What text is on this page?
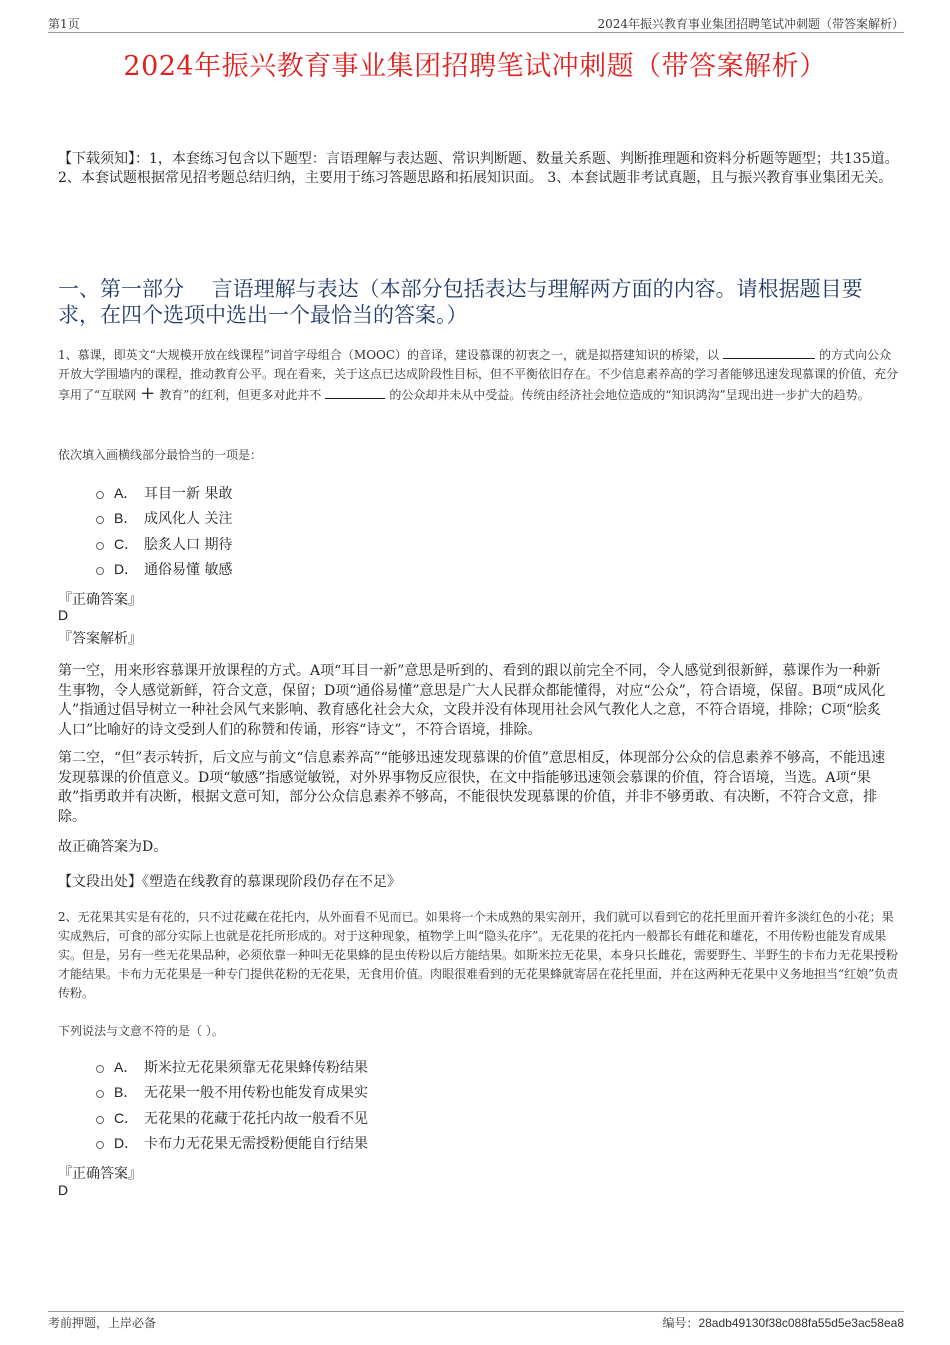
第1页	2024年振兴教育事业集团招聘笔试冲刺题（带答案解析）
2024年振兴教育事业集团招聘笔试冲刺题（带答案解析）
【下载须知】：1，本套练习包含以下题型：言语理解与表达题、常识判断题、数量关系题、判断推理题和资料分析题等题型；共135道。 2、本套试题根据常见招考题总结归纳，主要用于练习答题思路和拓展知识面。 3、本套试题非考试真题，且与振兴教育事业集团无关。
一、第一部分　 言语理解与表达（本部分包括表达与理解两方面的内容。请根据题目要求，在四个选项中选出一个最恰当的答案。）
1、慕课，即英文“大规模开放在线课程”词首字母组合（MOOC）的音译，建设慕课的初衷之一，就是拟搭建知识的桥梁，以	的方式向公众开放大学围墙内的课程，推动教育公平。现在看来，关于这点已达成阶段性目标，但不平衡依旧存在。不少信息素养高的学习者能够迅速发现慕课的价值，充分享用了“互联网 + 教育”的红利，但更多对此并不	的公众却并未从中受益。传统由经济社会地位造成的“知识鸿沟”呈现出进一步扩大的趋势。
依次填入画横线部分最恰当的一项是：
A． 耳目一新 果敢
B． 成风化人 关注
C． 脍炙人口 期待
D． 通俗易懂 敏感
『正确答案』
D
『答案解析』
第一空，用来形容慕课开放课程的方式。A项“耳目一新”意思是听到的、看到的跟以前完全不同，令人感觉到很新鲜，慕课作为一种新生事物，令人感觉新鲜，符合文意，保留；D项“通俗易懂”意思是广大人民群众都能懂得，对应“公众”，符合语境，保留。B项“成风化人”指通过倡导树立一种社会风气来影响、教育感化社会大众，文段并没有体现用社会风气教化人之意，不符合语境，排除；C项“脍炙人口”比喻好的诗文受到人们的称赞和传诵，形容“诗文”，不符合语境，排除。
第二空，“但”表示转折，后文应与前文“信息素养高”“能够迅速发现慕课的价值”意思相反，体现部分公众的信息素养不够高，不能迅速发现慕课的价值意义。D项“敏感”指感觉敏锐，对外界事物反应很快，在文中指能够迅速领会慕课的价值，符合语境，当选。A项“果敢”指勇敢并有决断，根据文意可知，部分公众信息素养不够高，不能很快发现慕课的价值，并非不够勇敢、有决断，不符合文意，排除。
故正确答案为D。
【文段出处】《塑造在线教育的慕课现阶段仍存在不足》
2、无花果其实是有花的，只不过花藏在花托内，从外面看不见而已。如果将一个未成熟的果实剖开，我们就可以看到它的花托里面开着许多淡红色的小花；果实成熟后，可食的部分实际上也就是花托所形成的。对于这种现象，植物学上叫“隐头花序”。无花果的花托内一般都长有雌花和雄花，不用传粉也能发育成果实。但是，另有一些无花果品种，必须依靠一种叫无花果蜂的昆虫传粉以后方能结果。如斯米拉无花果，本身只长雌花，需要野生、半野生的卡布力无花果授粉才能结果。卡布力无花果是一种专门提供花粉的无花果，无食用价值。肉眼很难看到的无花果蜂就寄居在花托里面，并在这两种无花果中义务地担当“红娘”负责传粉。
下列说法与文意不符的是（ ）。
A． 斯米拉无花果须靠无花果蜂传粉结果
B． 无花果一般不用传粉也能发育成果实
C． 无花果的花藏于花托内故一般看不见
D． 卡布力无花果无需授粉便能自行结果
『正确答案』
D
考前押题，上岸必备	编号：28adb49130f38c088fa55d5e3ac58ea8
